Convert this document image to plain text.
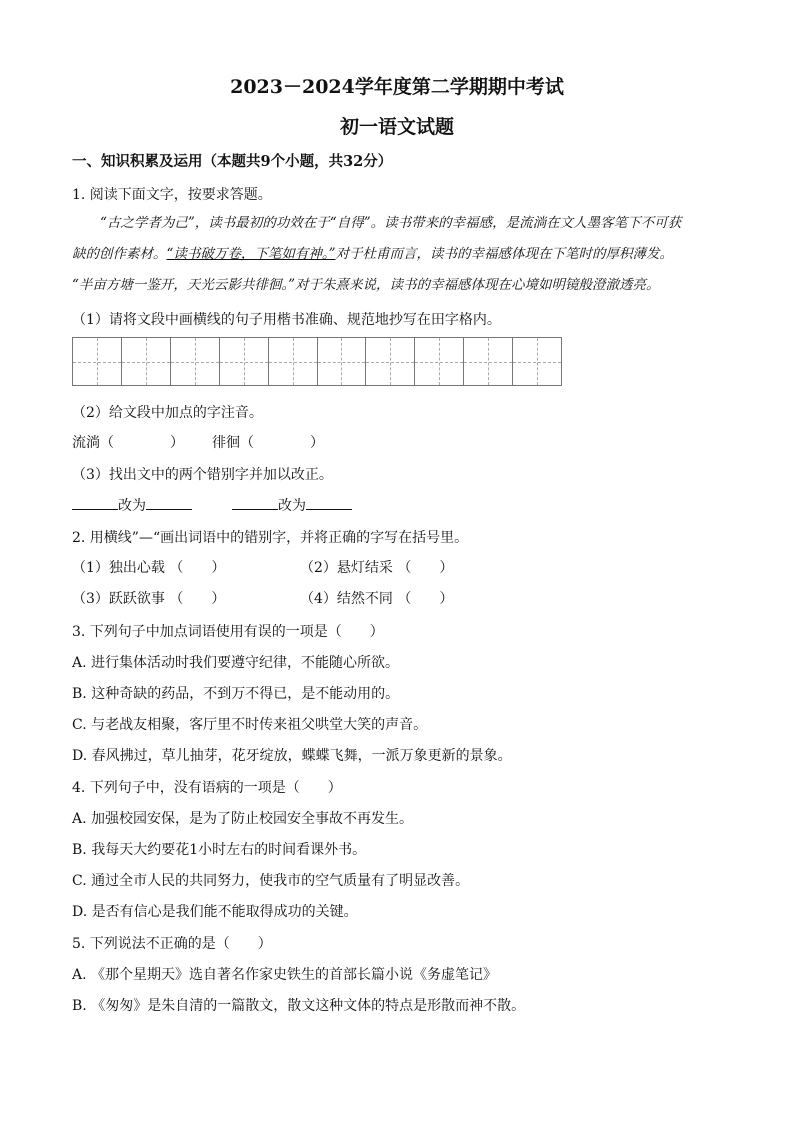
2023－2024学年度第二学期期中考试
初一语文试题
一、知识积累及运用（本题共9个小题，共32分）
1. 阅读下面文字，按要求答题。
“古之学者为己”，读书最初的功效在于“自得”。读书带来的幸福感，是流淌在文人墨客笔下不可获
缺的创作素材。“读书破万卷，下笔如有神。”对于杜甫而言，读书的幸福感体现在下笔时的厚积薄发。
“半亩方塘一鉴开，天光云影共徘徊。”对于朱熹来说，读书的幸福感体现在心境如明镜般澄澈透亮。
（1）请将文段中画横线的句子用楷书准确、规范地抄写在田字格内。
（2）给文段中加点的字注音。
流淌（　　　　） 徘徊（　　　　）
（3）找出文中的两个错别字并加以改正。
改为	改为
2. 用横线”—“画出词语中的错别字，并将正确的字写在括号里。
（1）独出心载 （　　）	（2）悬灯结采 （　　）
（3）跃跃欲事 （　　）	（4）结然不同 （　　）
3. 下列句子中加点词语使用有误的一项是（　　）
A. 进行集体活动时我们要遵守纪律，不能随心所欲。
B. 这种奇缺的药品，不到万不得已，是不能动用的。
C. 与老战友相聚，客厅里不时传来祖父哄堂大笑的声音。
D. 春风拂过，草儿抽芽，花牙绽放，蝶蝶飞舞，一派万象更新的景象。
4. 下列句子中，没有语病的一项是（　　）
A. 加强校园安保，是为了防止校园安全事故不再发生。
B. 我每天大约要花1小时左右的时间看课外书。
C. 通过全市人民的共同努力，使我市的空气质量有了明显改善。
D. 是否有信心是我们能不能取得成功的关键。
5. 下列说法不正确的是（　　）
A. 《那个星期天》选自著名作家史铁生的首部长篇小说《务虚笔记》
B. 《匆匆》是朱自清的一篇散文，散文这种文体的特点是形散而神不散。
